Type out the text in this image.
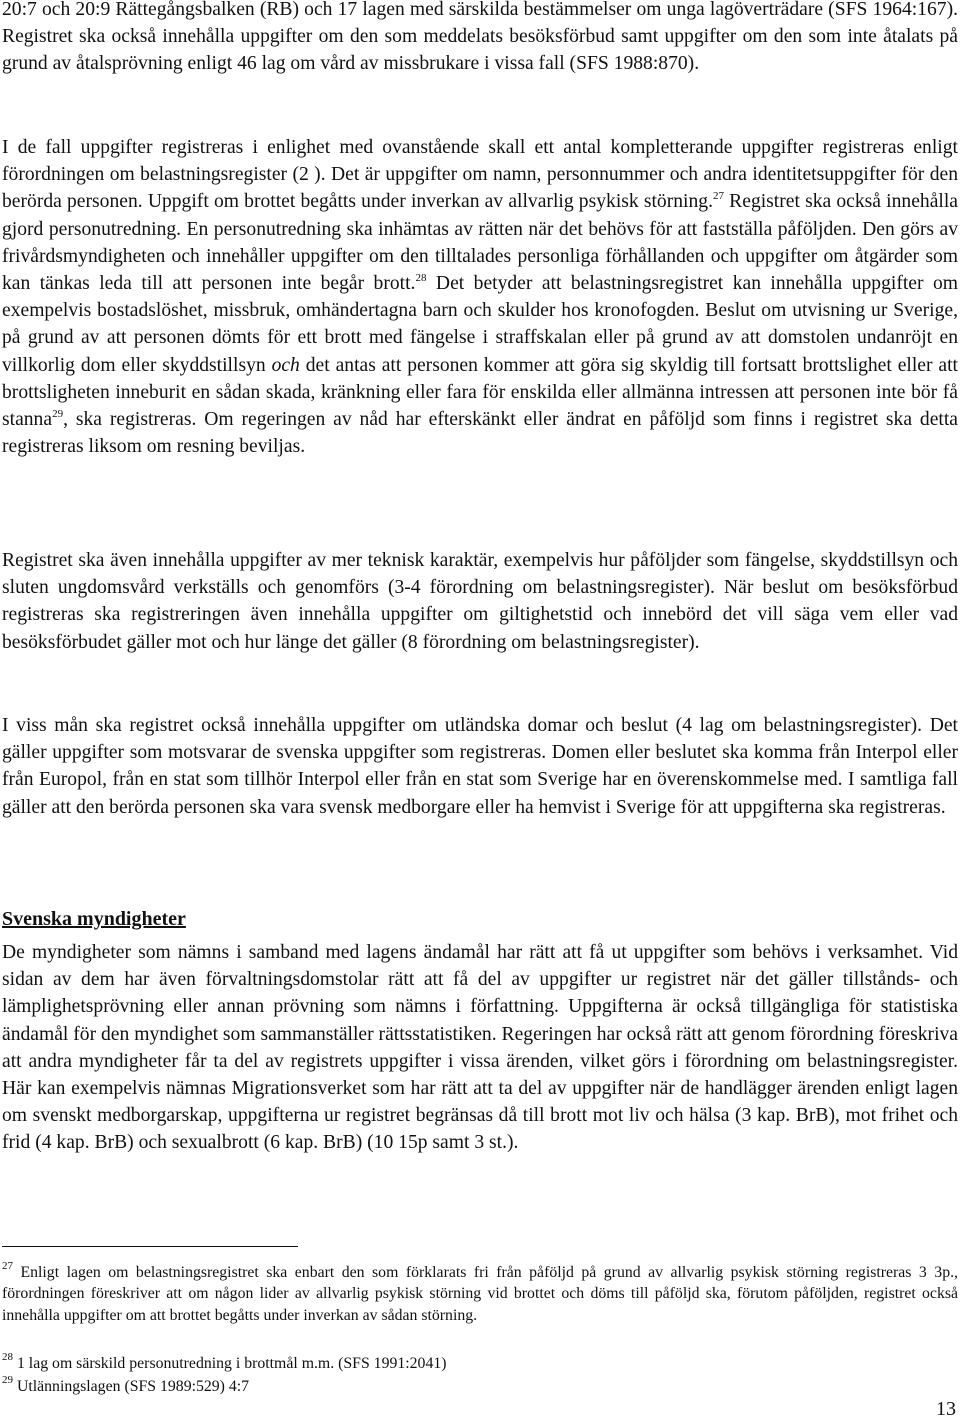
20:7 och 20:9 Rättegångsbalken (RB) och 17 lagen med särskilda bestämmelser om unga lagöverträdare (SFS 1964:167). Registret ska också innehålla uppgifter om den som meddelats besöksförbud samt uppgifter om den som inte åtalats på grund av åtalsprövning enligt 46 lag om vård av missbrukare i vissa fall (SFS 1988:870).

I de fall uppgifter registreras i enlighet med ovanstående skall ett antal kompletterande uppgifter registreras enligt förordningen om belastningsregister (2 ). Det är uppgifter om namn, personnummer och andra identitetsuppgifter för den berörda personen. Uppgift om brottet begåtts under inverkan av allvarlig psykisk störning.$^{27}$ Registret ska också innehålla gjord personutredning. En personutredning ska inhämtas av rätten när det behövs för att fastställa påföljden. Den görs av frivårdsmyndigheten och innehåller uppgifter om den tilltalades personliga förhållanden och uppgifter om åtgärder som kan tänkas leda till att personen inte begår brott.$^{28}$ Det betyder att belastningsregistret kan innehålla uppgifter om exempelvis bostadslöshet, missbruk, omhändertagna barn och skulder hos kronofogden. Beslut om utvisning ur Sverige, på grund av att personen dömts för ett brott med fängelse i straffskalan eller på grund av att domstolen undanröjt en villkorlig dom eller skyddstillsyn och det antas att personen kommer att göra sig skyldig till fortsatt brottslighet eller att brottsligheten inneburit en sådan skada, kränkning eller fara för enskilda eller allmänna intressen att personen inte bör få stanna$^{29}$, ska registreras. Om regeringen av nåd har efterskänkt eller ändrat en påföljd som finns i registret ska detta registreras liksom om resning beviljas.

Registret ska även innehålla uppgifter av mer teknisk karaktär, exempelvis hur påföljder som fängelse, skyddstillsyn och sluten ungdomsvård verkställs och genomförs (3-4 förordning om belastningsregister). När beslut om besöksförbud registreras ska registreringen även innehålla uppgifter om giltighetstid och innebörd det vill säga vem eller vad besöksförbudet gäller mot och hur länge det gäller (8 förordning om belastningsregister).

I viss mån ska registret också innehålla uppgifter om utländska domar och beslut (4 lag om belastningsregister). Det gäller uppgifter som motsvarar de svenska uppgifter som registreras. Domen eller beslutet ska komma från Interpol eller från Europol, från en stat som tillhör Interpol eller från en stat som Sverige har en överenskommelse med. I samtliga fall gäller att den berörda personen ska vara svensk medborgare eller ha hemvist i Sverige för att uppgifterna ska registreras.

Svenska myndigheter

De myndigheter som nämns i samband med lagens ändamål har rätt att få ut uppgifter som behövs i verksamhet. Vid sidan av dem har även förvaltningsdomstolar rätt att få del av uppgifter ur registret när det gäller tillstånds- och lämplighetsprövning eller annan prövning som nämns i författning. Uppgifterna är också tillgängliga för statistiska ändamål för den myndighet som sammanställer rättsstatistiken. Regeringen har också rätt att genom förordning föreskriva att andra myndigheter får ta del av registrets uppgifter i vissa ärenden, vilket görs i förordning om belastningsregister. Här kan exempelvis nämnas Migrationsverket som har rätt att ta del av uppgifter när de handlägger ärenden enligt lagen om svenskt medborgarskap, uppgifterna ur registret begränsas då till brott mot liv och hälsa (3 kap. BrB), mot frihet och frid (4 kap. BrB) och sexualbrott (6 kap. BrB) (10 15p samt 3 st.).

$^{27}$ Enligt lagen om belastningsregistret ska enbart den som förklarats fri från påföljd på grund av allvarlig psykisk störning registreras 3 3p., förordningen föreskriver att om någon lider av allvarlig psykisk störning vid brottet och döms till påföljd ska, förutom påföljden, registret också innehålla uppgifter om att brottet begåtts under inverkan av sådan störning.

$^{28}$ 1 lag om särskild personutredning i brottmål m.m. (SFS 1991:2041)

$^{29}$ Utlänningslagen (SFS 1989:529) 4:7

13
